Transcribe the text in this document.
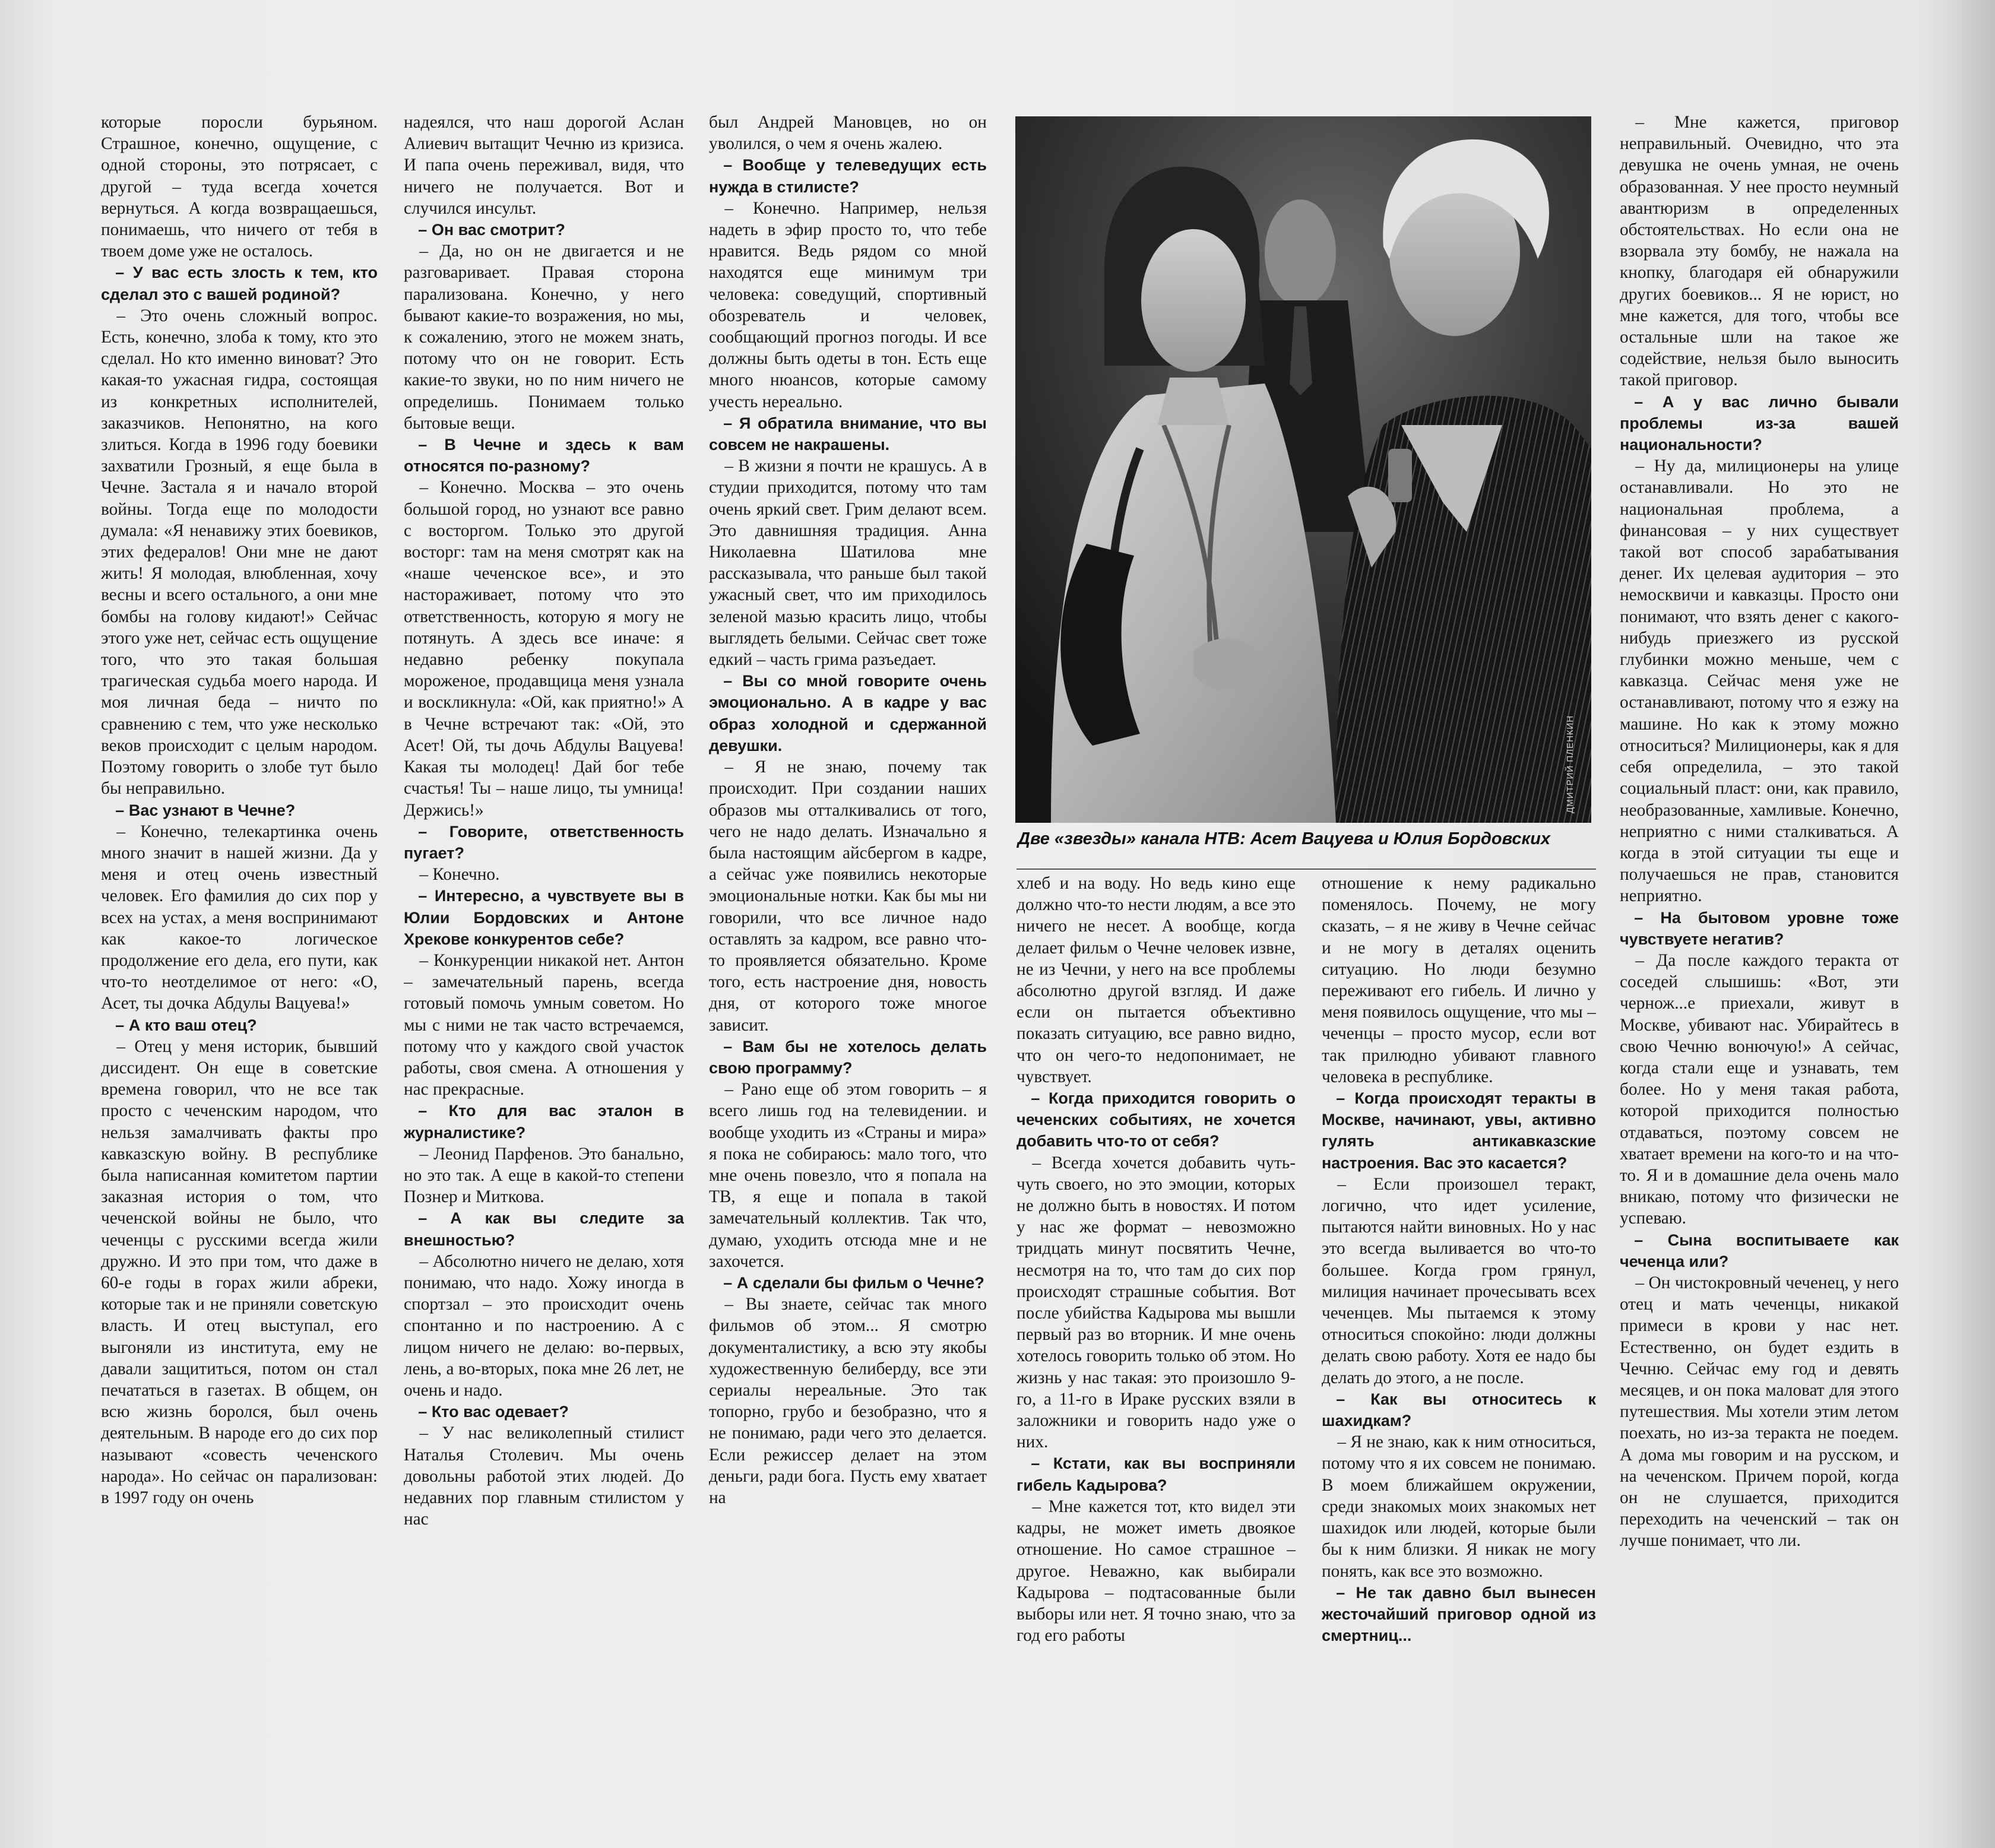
которые поросли бурьяном. Страшное, конечно, ощущение, с одной стороны, это потрясает, с другой – туда всегда хочется вернуться. А когда возвращаешься, понимаешь, что ничего от тебя в твоем доме уже не осталось.

– У вас есть злость к тем, кто сделал это с вашей родиной?

– Это очень сложный вопрос. Есть, конечно, злоба к тому, кто это сделал. Но кто именно виноват? Это какая-то ужасная гидра, состоящая из конкретных исполнителей, заказчиков. Непонятно, на кого злиться. Когда в 1996 году боевики захватили Грозный, я еще была в Чечне. Застала я и начало второй войны. Тогда еще по молодости думала: «Я ненавижу этих боевиков, этих федералов! Они мне не дают жить! Я молодая, влюбленная, хочу весны и всего остального, а они мне бомбы на голову кидают!» Сейчас этого уже нет, сейчас есть ощущение того, что это такая большая трагическая судьба моего народа. И моя личная беда – ничто по сравнению с тем, что уже несколько веков происходит с целым народом. Поэтому говорить о злобе тут было бы неправильно.

– Вас узнают в Чечне?

– Конечно, телекартинка очень много значит в нашей жизни. Да у меня и отец очень известный человек. Его фамилия до сих пор у всех на устах, а меня воспринимают как какое-то логическое продолжение его дела, его пути, как что-то неотделимое от него: «О, Асет, ты дочка Абдулы Вацуева!»

– А кто ваш отец?

– Отец у меня историк, бывший диссидент. Он еще в советские времена говорил, что не все так просто с чеченским народом, что нельзя замалчивать факты про кавказскую войну. В республике была написанная комитетом партии заказная история о том, что чеченской войны не было, что чеченцы с русскими всегда жили дружно. И это при том, что даже в 60-е годы в горах жили абреки, которые так и не приняли советскую власть. И отец выступал, его выгоняли из института, ему не давали защититься, потом он стал печататься в газетах. В общем, он всю жизнь боролся, был очень деятельным. В народе его до сих пор называют «совесть чеченского народа». Но сейчас он парализован: в 1997 году он очень

надеялся, что наш дорогой Аслан Алиевич вытащит Чечню из кризиса. И папа очень переживал, видя, что ничего не получается. Вот и случился инсульт.

– Он вас смотрит?

– Да, но он не двигается и не разговаривает. Правая сторона парализована. Конечно, у него бывают какие-то возражения, но мы, к сожалению, этого не можем знать, потому что он не говорит. Есть какие-то звуки, но по ним ничего не определишь. Понимаем только бытовые вещи.

– В Чечне и здесь к вам относятся по-разному?

– Конечно. Москва – это очень большой город, но узнают все равно с восторгом. Только это другой восторг: там на меня смотрят как на «наше чеченское все», и это настораживает, потому что это ответственность, которую я могу не потянуть. А здесь все иначе: я недавно ребенку покупала мороженое, продавщица меня узнала и воскликнула: «Ой, как приятно!» А в Чечне встречают так: «Ой, это Асет! Ой, ты дочь Абдулы Вацуева! Какая ты молодец! Дай бог тебе счастья! Ты – наше лицо, ты умница! Держись!»

– Говорите, ответственность пугает?

– Конечно.

– Интересно, а чувствуете вы в Юлии Бордовских и Антоне Хрекове конкурентов себе?

– Конкуренции никакой нет. Антон – замечательный парень, всегда готовый помочь умным советом. Но мы с ними не так часто встречаемся, потому что у каждого свой участок работы, своя смена. А отношения у нас прекрасные.

– Кто для вас эталон в журналистике?

– Леонид Парфенов. Это банально, но это так. А еще в какой-то степени Познер и Миткова.

– А как вы следите за внешностью?

– Абсолютно ничего не делаю, хотя понимаю, что надо. Хожу иногда в спортзал – это происходит очень спонтанно и по настроению. А с лицом ничего не делаю: во-первых, лень, а во-вторых, пока мне 26 лет, не очень и надо.

– Кто вас одевает?

– У нас великолепный стилист Наталья Столевич. Мы очень довольны работой этих людей. До недавних пор главным стилистом у нас

был Андрей Мановцев, но он уволился, о чем я очень жалею.

– Вообще у телеведущих есть нужда в стилисте?

– Конечно. Например, нельзя надеть в эфир просто то, что тебе нравится. Ведь рядом со мной находятся еще минимум три человека: соведущий, спортивный обозреватель и человек, сообщающий прогноз погоды. И все должны быть одеты в тон. Есть еще много нюансов, которые самому учесть нереально.

– Я обратила внимание, что вы совсем не накрашены.

– В жизни я почти не крашусь. А в студии приходится, потому что там очень яркий свет. Грим делают всем. Это давнишняя традиция. Анна Николаевна Шатилова мне рассказывала, что раньше был такой ужасный свет, что им приходилось зеленой мазью красить лицо, чтобы выглядеть белыми. Сейчас свет тоже едкий – часть грима разъедает.

– Вы со мной говорите очень эмоционально. А в кадре у вас образ холодной и сдержанной девушки.

– Я не знаю, почему так происходит. При создании наших образов мы отталкивались от того, чего не надо делать. Изначально я была настоящим айсбергом в кадре, а сейчас уже появились некоторые эмоциональные нотки. Как бы мы ни говорили, что все личное надо оставлять за кадром, все равно что-то проявляется обязательно. Кроме того, есть настроение дня, новость дня, от которого тоже многое зависит.

– Вам бы не хотелось делать свою программу?

– Рано еще об этом говорить – я всего лишь год на телевидении. и вообще уходить из «Страны и мира» я пока не собираюсь: мало того, что мне очень повезло, что я попала на ТВ, я еще и попала в такой замечательный коллектив. Так что, думаю, уходить отсюда мне и не захочется.

– А сделали бы фильм о Чечне?

– Вы знаете, сейчас так много фильмов об этом... Я смотрю документалистику, а всю эту якобы художественную белиберду, все эти сериалы нереальные. Это так топорно, грубо и безобразно, что я не понимаю, ради чего это делается. Если режиссер делает на этом деньги, ради бога. Пусть ему хватает на

ДМИТРИЙ ПЛЕНКИН
Две «звезды» канала НТВ: Асет Вацуева и Юлия Бордовских

хлеб и на воду. Но ведь кино еще должно что-то нести людям, а все это ничего не несет. А вообще, когда делает фильм о Чечне человек извне, не из Чечни, у него на все проблемы абсолютно другой взгляд. И даже если он пытается объективно показать ситуацию, все равно видно, что он чего-то недопонимает, не чувствует.

– Когда приходится говорить о чеченских событиях, не хочется добавить что-то от себя?

– Всегда хочется добавить чуть-чуть своего, но это эмоции, которых не должно быть в новостях. И потом у нас же формат – невозможно тридцать минут посвятить Чечне, несмотря на то, что там до сих пор происходят страшные события. Вот после убийства Кадырова мы вышли первый раз во вторник. И мне очень хотелось говорить только об этом. Но жизнь у нас такая: это произошло 9-го, а 11-го в Ираке русских взяли в заложники и говорить надо уже о них.

– Кстати, как вы восприняли гибель Кадырова?

– Мне кажется тот, кто видел эти кадры, не может иметь двоякое отношение. Но самое страшное – другое. Неважно, как выбирали Кадырова – подтасованные были выборы или нет. Я точно знаю, что за год его работы

отношение к нему радикально поменялось. Почему, не могу сказать, – я не живу в Чечне сейчас и не могу в деталях оценить ситуацию. Но люди безумно переживают его гибель. И лично у меня появилось ощущение, что мы – чеченцы – просто мусор, если вот так прилюдно убивают главного человека в республике.

– Когда происходят теракты в Москве, начинают, увы, активно гулять антикавказские настроения. Вас это касается?

– Если произошел теракт, логично, что идет усиление, пытаются найти виновных. Но у нас это всегда выливается во что-то большее. Когда гром грянул, милиция начинает прочесывать всех чеченцев. Мы пытаемся к этому относиться спокойно: люди должны делать свою работу. Хотя ее надо бы делать до этого, а не после.

– Как вы относитесь к шахидкам?

– Я не знаю, как к ним относиться, потому что я их совсем не понимаю. В моем ближайшем окружении, среди знакомых моих знакомых нет шахидок или людей, которые были бы к ним близки. Я никак не могу понять, как все это возможно.

– Не так давно был вынесен жесточайший приговор одной из смертниц...

– Мне кажется, приговор неправильный. Очевидно, что эта девушка не очень умная, не очень образованная. У нее просто неумный авантюризм в определенных обстоятельствах. Но если она не взорвала эту бомбу, не нажала на кнопку, благодаря ей обнаружили других боевиков... Я не юрист, но мне кажется, для того, чтобы все остальные шли на такое же содействие, нельзя было выносить такой приговор.

– А у вас лично бывали проблемы из-за вашей национальности?

– Ну да, милиционеры на улице останавливали. Но это не национальная проблема, а финансовая – у них существует такой вот способ зарабатывания денег. Их целевая аудитория – это немосквичи и кавказцы. Просто они понимают, что взять денег с какого-нибудь приезжего из русской глубинки можно меньше, чем с кавказца. Сейчас меня уже не останавливают, потому что я езжу на машине. Но как к этому можно относиться? Милиционеры, как я для себя определила, – это такой социальный пласт: они, как правило, необразованные, хамливые. Конечно, неприятно с ними сталкиваться. А когда в этой ситуации ты еще и получаешься не прав, становится неприятно.

– На бытовом уровне тоже чувствуете негатив?

– Да после каждого теракта от соседей слышишь: «Вот, эти чернож...е приехали, живут в Москве, убивают нас. Убирайтесь в свою Чечню вонючую!» А сейчас, когда стали еще и узнавать, тем более. Но у меня такая работа, которой приходится полностью отдаваться, поэтому совсем не хватает времени на кого-то и на что-то. Я и в домашние дела очень мало вникаю, потому что физически не успеваю.

– Сына воспитываете как чеченца или?

– Он чистокровный чеченец, у него отец и мать чеченцы, никакой примеси в крови у нас нет. Естественно, он будет ездить в Чечню. Сейчас ему год и девять месяцев, и он пока маловат для этого путешествия. Мы хотели этим летом поехать, но из-за теракта не поедем. А дома мы говорим и на русском, и на чеченском. Причем порой, когда он не слушается, приходится переходить на чеченский – так он лучше понимает, что ли.
